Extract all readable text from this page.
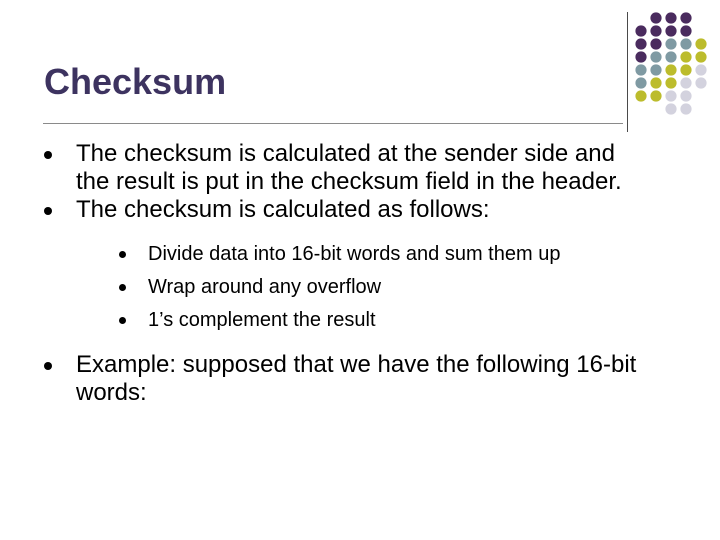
Checksum
The checksum is calculated at the sender side and the result is put in the checksum field in the header.
The checksum is calculated as follows:
Divide data into 16-bit words and sum them up
Wrap around any overflow
1’s complement the result
Example: supposed that we have the following 16-bit words:
